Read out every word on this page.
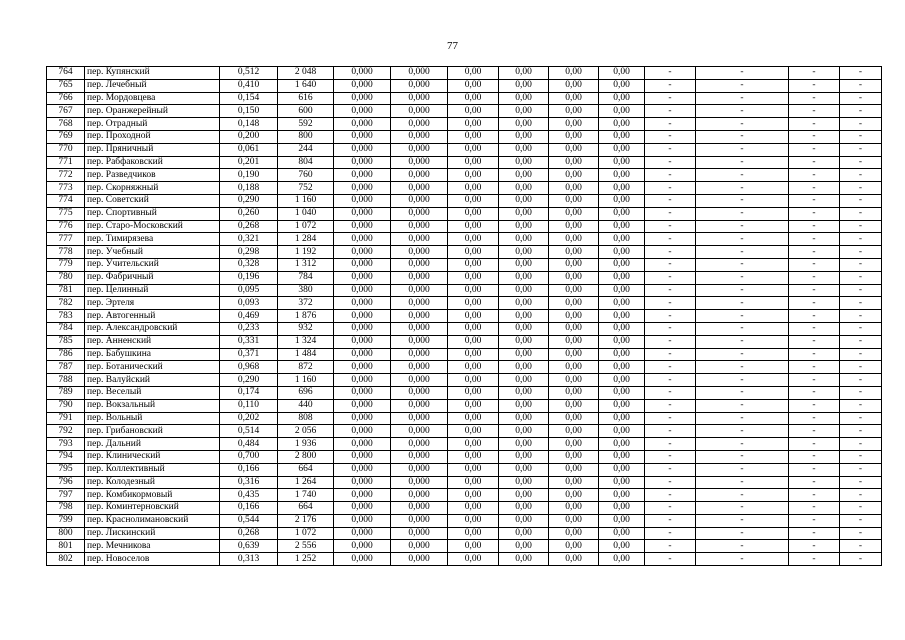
77
764	пер. Купянский	0,512	2 048	0,000	0,000	0,00	0,00	0,00	0,00	-	-	-	-
765	пер. Лечебный	0,410	1 640	0,000	0,000	0,00	0,00	0,00	0,00	-	-	-	-
766	пер. Мордовцева	0,154	616	0,000	0,000	0,00	0,00	0,00	0,00	-	-	-	-
767	пер. Оранжерейный	0,150	600	0,000	0,000	0,00	0,00	0,00	0,00	-	-	-	-
768	пер. Отрадный	0,148	592	0,000	0,000	0,00	0,00	0,00	0,00	-	-	-	-
769	пер. Проходной	0,200	800	0,000	0,000	0,00	0,00	0,00	0,00	-	-	-	-
770	пер. Пряничный	0,061	244	0,000	0,000	0,00	0,00	0,00	0,00	-	-	-	-
771	пер. Рабфаковский	0,201	804	0,000	0,000	0,00	0,00	0,00	0,00	-	-	-	-
772	пер. Разведчиков	0,190	760	0,000	0,000	0,00	0,00	0,00	0,00	-	-	-	-
773	пер. Скорняжный	0,188	752	0,000	0,000	0,00	0,00	0,00	0,00	-	-	-	-
774	пер. Советский	0,290	1 160	0,000	0,000	0,00	0,00	0,00	0,00	-	-	-	-
775	пер. Спортивный	0,260	1 040	0,000	0,000	0,00	0,00	0,00	0,00	-	-	-	-
776	пер. Старо-Московский	0,268	1 072	0,000	0,000	0,00	0,00	0,00	0,00	-	-	-	-
777	пер. Тимирязева	0,321	1 284	0,000	0,000	0,00	0,00	0,00	0,00	-	-	-	-
778	пер. Учебный	0,298	1 192	0,000	0,000	0,00	0,00	0,00	0,00	-	-	-	-
779	пер. Учительский	0,328	1 312	0,000	0,000	0,00	0,00	0,00	0,00	-	-	-	-
780	пер. Фабричный	0,196	784	0,000	0,000	0,00	0,00	0,00	0,00	-	-	-	-
781	пер. Целинный	0,095	380	0,000	0,000	0,00	0,00	0,00	0,00	-	-	-	-
782	пер. Эртеля	0,093	372	0,000	0,000	0,00	0,00	0,00	0,00	-	-	-	-
783	пер. Автогенный	0,469	1 876	0,000	0,000	0,00	0,00	0,00	0,00	-	-	-	-
784	пер. Александровский	0,233	932	0,000	0,000	0,00	0,00	0,00	0,00	-	-	-	-
785	пер. Анненский	0,331	1 324	0,000	0,000	0,00	0,00	0,00	0,00	-	-	-	-
786	пер. Бабушкина	0,371	1 484	0,000	0,000	0,00	0,00	0,00	0,00	-	-	-	-
787	пер. Ботанический	0,968	872	0,000	0,000	0,00	0,00	0,00	0,00	-	-	-	-
788	пер. Валуйский	0,290	1 160	0,000	0,000	0,00	0,00	0,00	0,00	-	-	-	-
789	пер. Веселый	0,174	696	0,000	0,000	0,00	0,00	0,00	0,00	-	-	-	-
790	пер. Вокзальный	0,110	440	0,000	0,000	0,00	0,00	0,00	0,00	-	-	-	-
791	пер. Вольный	0,202	808	0,000	0,000	0,00	0,00	0,00	0,00	-	-	-	-
792	пер. Грибановский	0,514	2 056	0,000	0,000	0,00	0,00	0,00	0,00	-	-	-	-
793	пер. Дальний	0,484	1 936	0,000	0,000	0,00	0,00	0,00	0,00	-	-	-	-
794	пер. Клинический	0,700	2 800	0,000	0,000	0,00	0,00	0,00	0,00	-	-	-	-
795	пер. Коллективный	0,166	664	0,000	0,000	0,00	0,00	0,00	0,00	-	-	-	-
796	пер. Колодезный	0,316	1 264	0,000	0,000	0,00	0,00	0,00	0,00	-	-	-	-
797	пер. Комбикормовый	0,435	1 740	0,000	0,000	0,00	0,00	0,00	0,00	-	-	-	-
798	пер. Коминтерновский	0,166	664	0,000	0,000	0,00	0,00	0,00	0,00	-	-	-	-
799	пер. Краснолимановский	0,544	2 176	0,000	0,000	0,00	0,00	0,00	0,00	-	-	-	-
800	пер. Лискинский	0,268	1 072	0,000	0,000	0,00	0,00	0,00	0,00	-	-	-	-
801	пер. Мечникова	0,639	2 556	0,000	0,000	0,00	0,00	0,00	0,00	-	-	-	-
802	пер. Новоселов	0,313	1 252	0,000	0,000	0,00	0,00	0,00	0,00	-	-	-	-
